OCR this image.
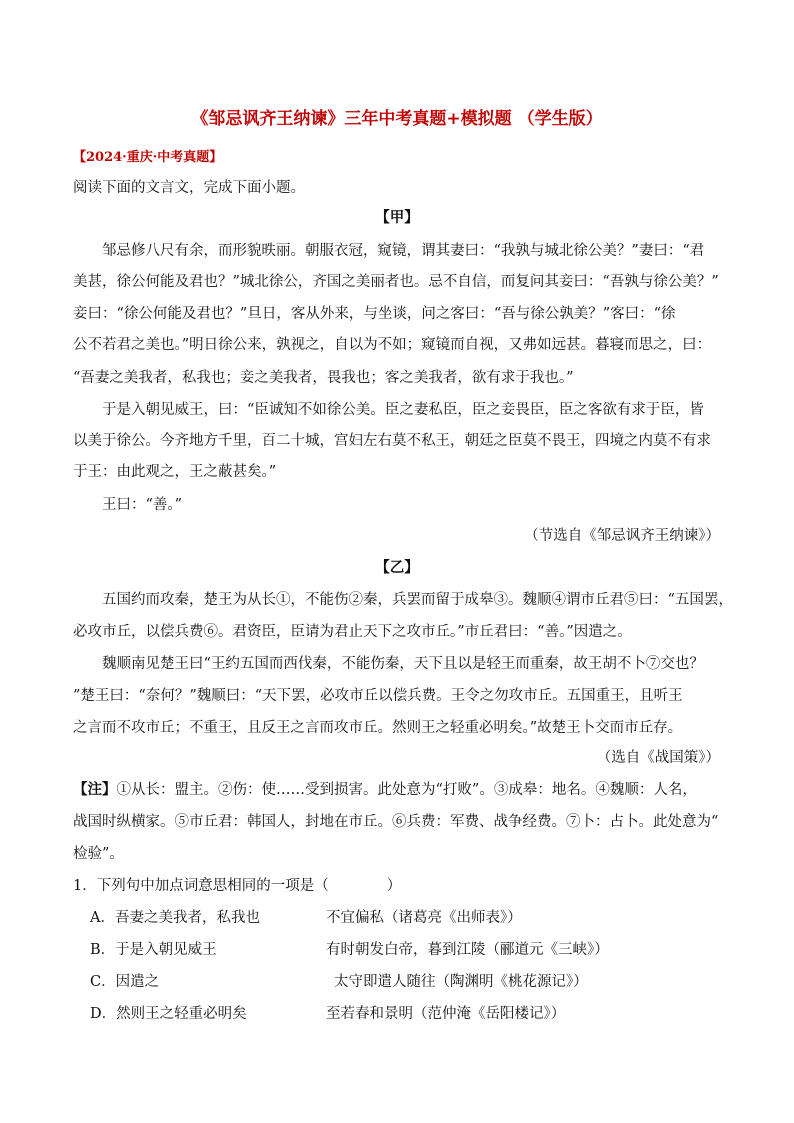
《邹忌讽齐王纳谏》三年中考真题+模拟题 （学生版）
【2024·重庆·中考真题】
阅读下面的文言文，完成下面小题。
【甲】
邹忌修八尺有余，而形貌昳丽。朝服衣冠，窥镜，谓其妻曰：“我孰与城北徐公美？”妻曰：“君
美甚，徐公何能及君也？”城北徐公，齐国之美丽者也。忌不自信，而复问其妾曰：“吾孰与徐公美？”
妾曰：“徐公何能及君也？”旦日，客从外来，与坐谈，问之客曰：“吾与徐公孰美？”客曰：“徐
公不若君之美也。”明日徐公来，孰视之，自以为不如；窥镜而自视，又弗如远甚。暮寝而思之，曰：
“吾妻之美我者，私我也；妾之美我者，畏我也；客之美我者，欲有求于我也。”
于是入朝见威王，曰：“臣诚知不如徐公美。臣之妻私臣，臣之妾畏臣，臣之客欲有求于臣，皆
以美于徐公。今齐地方千里，百二十城，宫妇左右莫不私王，朝廷之臣莫不畏王，四境之内莫不有求
于王：由此观之，王之蔽甚矣。”
王曰：“善。”
（节选自《邹忌讽齐王纳谏》）
【乙】
五国约而攻秦，楚王为从长①，不能伤②秦，兵罢而留于成皋③。魏顺④谓市丘君⑤曰：“五国罢，
必攻市丘，以偿兵费⑥。君资臣，臣请为君止天下之攻市丘。”市丘君曰：“善。”因遣之。
魏顺南见楚王曰“王约五国而西伐秦，不能伤秦，天下且以是轻王而重秦，故王胡不卜⑦交也？
”楚王曰：“奈何？”魏顺曰：“天下罢，必攻市丘以偿兵费。王令之勿攻市丘。五国重王，且听王
之言而不攻市丘；不重王，且反王之言而攻市丘。然则王之轻重必明矣。”故楚王卜交而市丘存。
（选自《战国策》）
【注】①从长：盟主。②伤：使……受到损害。此处意为“打败”。③成皋：地名。④魏顺：人名，
战国时纵横家。⑤市丘君：韩国人，封地在市丘。⑥兵费：军费、战争经费。⑦卜：占卜。此处意为“
检验”。
1．下列句中加点词意思相同的一项是（　　　　）
A．吾妻之美我者，私我也	不宜偏私（诸葛亮《出师表》）
B．于是入朝见威王	有时朝发白帝，暮到江陵（郦道元《三峡》）
C．因遣之	太守即遣人随往（陶渊明《桃花源记》）
D．然则王之轻重必明矣	至若春和景明（范仲淹《岳阳楼记》）
